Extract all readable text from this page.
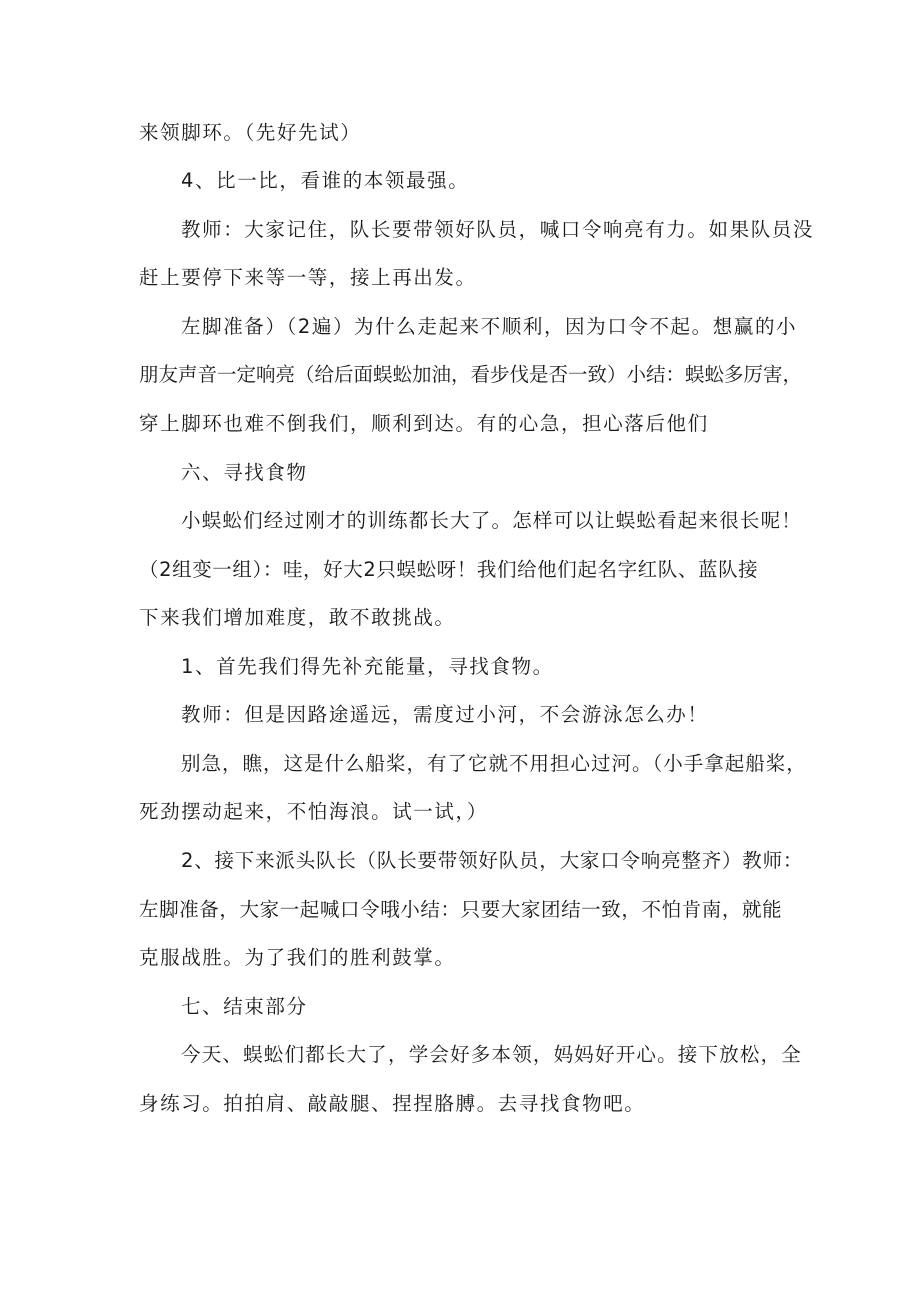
来领脚环。（先好先试）
4、比一比，看谁的本领最强。
教师：大家记住，队长要带领好队员，喊口令响亮有力。如果队员没
赶上要停下来等一等，接上再出发。
左脚准备）（2遍）为什么走起来不顺利，因为口令不起。想赢的小
朋友声音一定响亮（给后面蜈蚣加油，看步伐是否一致）小结：蜈蚣多厉害，
穿上脚环也难不倒我们，顺利到达。有的心急，担心落后他们
六、寻找食物
小蜈蚣们经过刚才的训练都长大了。怎样可以让蜈蚣看起来很长呢！
（2组变一组）：哇，好大2只蜈蚣呀！我们给他们起名字红队、蓝队接
下来我们增加难度，敢不敢挑战。
1、首先我们得先补充能量，寻找食物。
教师：但是因路途遥远，需度过小河，不会游泳怎么办！
别急，瞧，这是什么船桨，有了它就不用担心过河。（小手拿起船桨，
死劲摆动起来，不怕海浪。试一试，）
2、接下来派头队长（队长要带领好队员，大家口令响亮整齐）教师：
左脚准备，大家一起喊口令哦小结：只要大家团结一致，不怕肯南，就能
克服战胜。为了我们的胜利鼓掌。
七、结束部分
今天、蜈蚣们都长大了，学会好多本领，妈妈好开心。接下放松，全
身练习。拍拍肩、敲敲腿、捏捏胳膊。去寻找食物吧。
